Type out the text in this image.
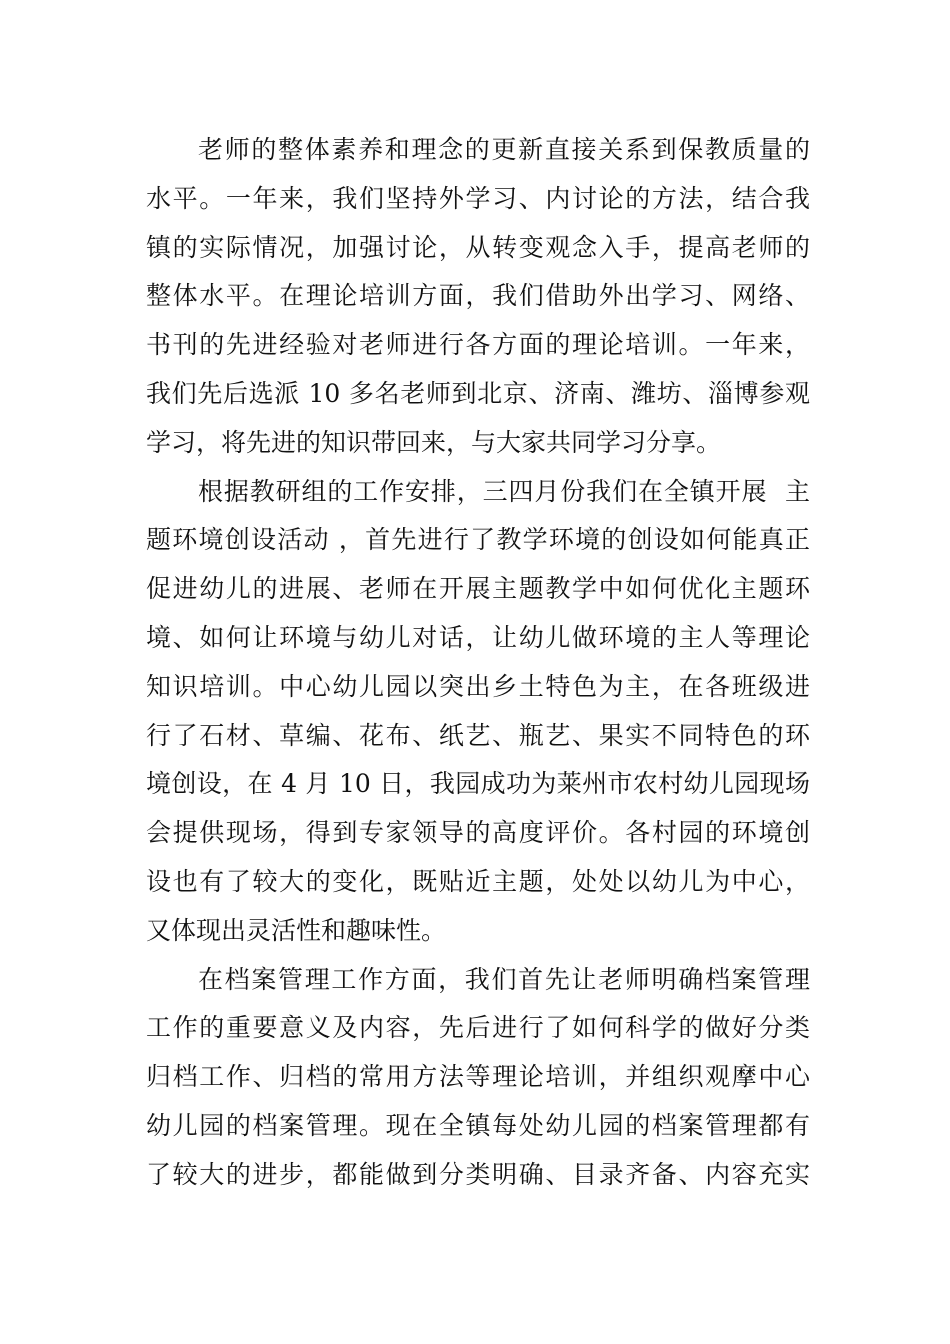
老师的整体素养和理念的更新直接关系到保教质量的
水平。一年来，我们坚持外学习、内讨论的方法，结合我
镇的实际情况，加强讨论，从转变观念入手，提高老师的
整体水平。在理论培训方面，我们借助外出学习、网络、
书刊的先进经验对老师进行各方面的理论培训。一年来，
我们先后选派 10 多名老师到北京、济南、潍坊、淄博参观
学习，将先进的知识带回来，与大家共同学习分享。
根据教研组的工作安排，三四月份我们在全镇开展  主
题环境创设活动 ，首先进行了教学环境的创设如何能真正
促进幼儿的进展、老师在开展主题教学中如何优化主题环
境、如何让环境与幼儿对话，让幼儿做环境的主人等理论
知识培训。中心幼儿园以突出乡土特色为主，在各班级进
行了石材、草编、花布、纸艺、瓶艺、果实不同特色的环
境创设，在 4 月 10 日，我园成功为莱州市农村幼儿园现场
会提供现场，得到专家领导的高度评价。各村园的环境创
设也有了较大的变化，既贴近主题，处处以幼儿为中心，
又体现出灵活性和趣味性。
在档案管理工作方面，我们首先让老师明确档案管理
工作的重要意义及内容，先后进行了如何科学的做好分类
归档工作、归档的常用方法等理论培训，并组织观摩中心
幼儿园的档案管理。现在全镇每处幼儿园的档案管理都有
了较大的进步，都能做到分类明确、目录齐备、内容充实
